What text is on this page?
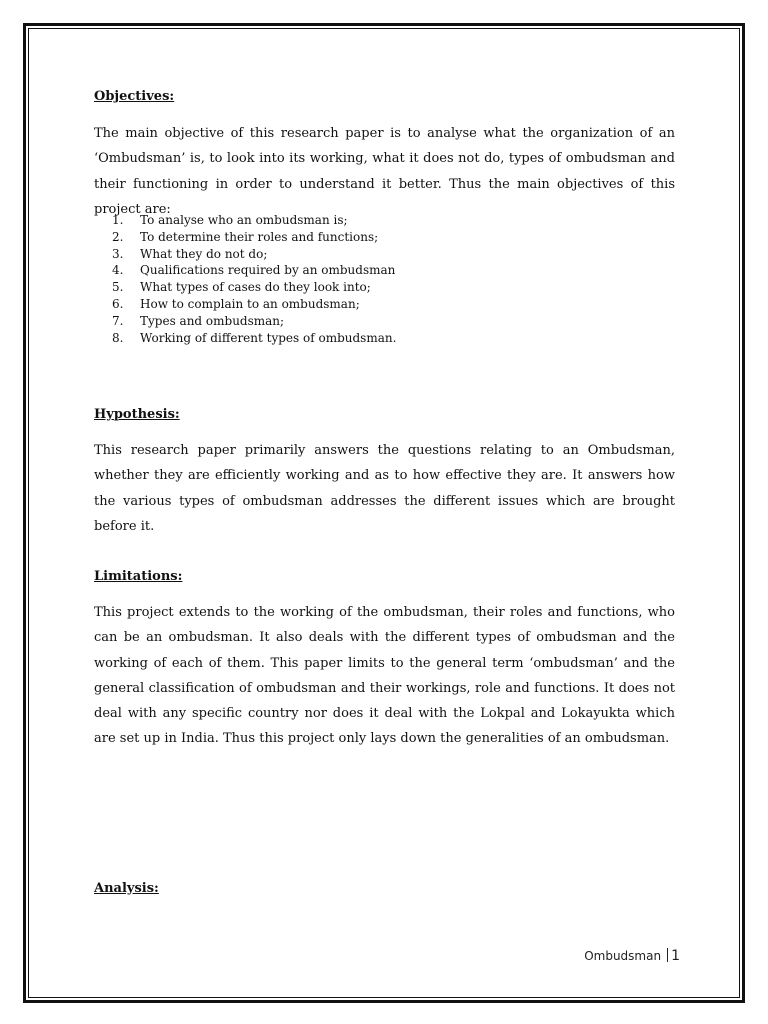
Objectives:

The main objective of this research paper is to analyse what the organization of an ‘Ombudsman’ is, to look into its working, what it does not do, types of ombudsman and their functioning in order to understand it better. Thus the main objectives of this project are:

1.	To analyse who an ombudsman is;
2.	To determine their roles and functions;
3.	What they do not do;
4.	Qualifications required by an ombudsman
5.	What types of cases do they look into;
6.	How to complain to an ombudsman;
7.	Types and ombudsman;
8.	Working of different types of ombudsman.
Hypothesis:

This research paper primarily answers the questions relating to an Ombudsman, whether they are efficiently working and as to how effective they are. It answers how the various types of ombudsman addresses the different issues which are brought before it.

Limitations:

This project extends to the working of the ombudsman, their roles and functions, who can be an ombudsman. It also deals with the different types of ombudsman and the working of each of them. This paper limits to the general term ‘ombudsman’ and the general classification of ombudsman and their workings, role and functions. It does not deal with any specific country nor does it deal with the Lokpal and Lokayukta which are set up in India. Thus this project only lays down the generalities of an ombudsman.

Analysis:
Ombudsman 1
